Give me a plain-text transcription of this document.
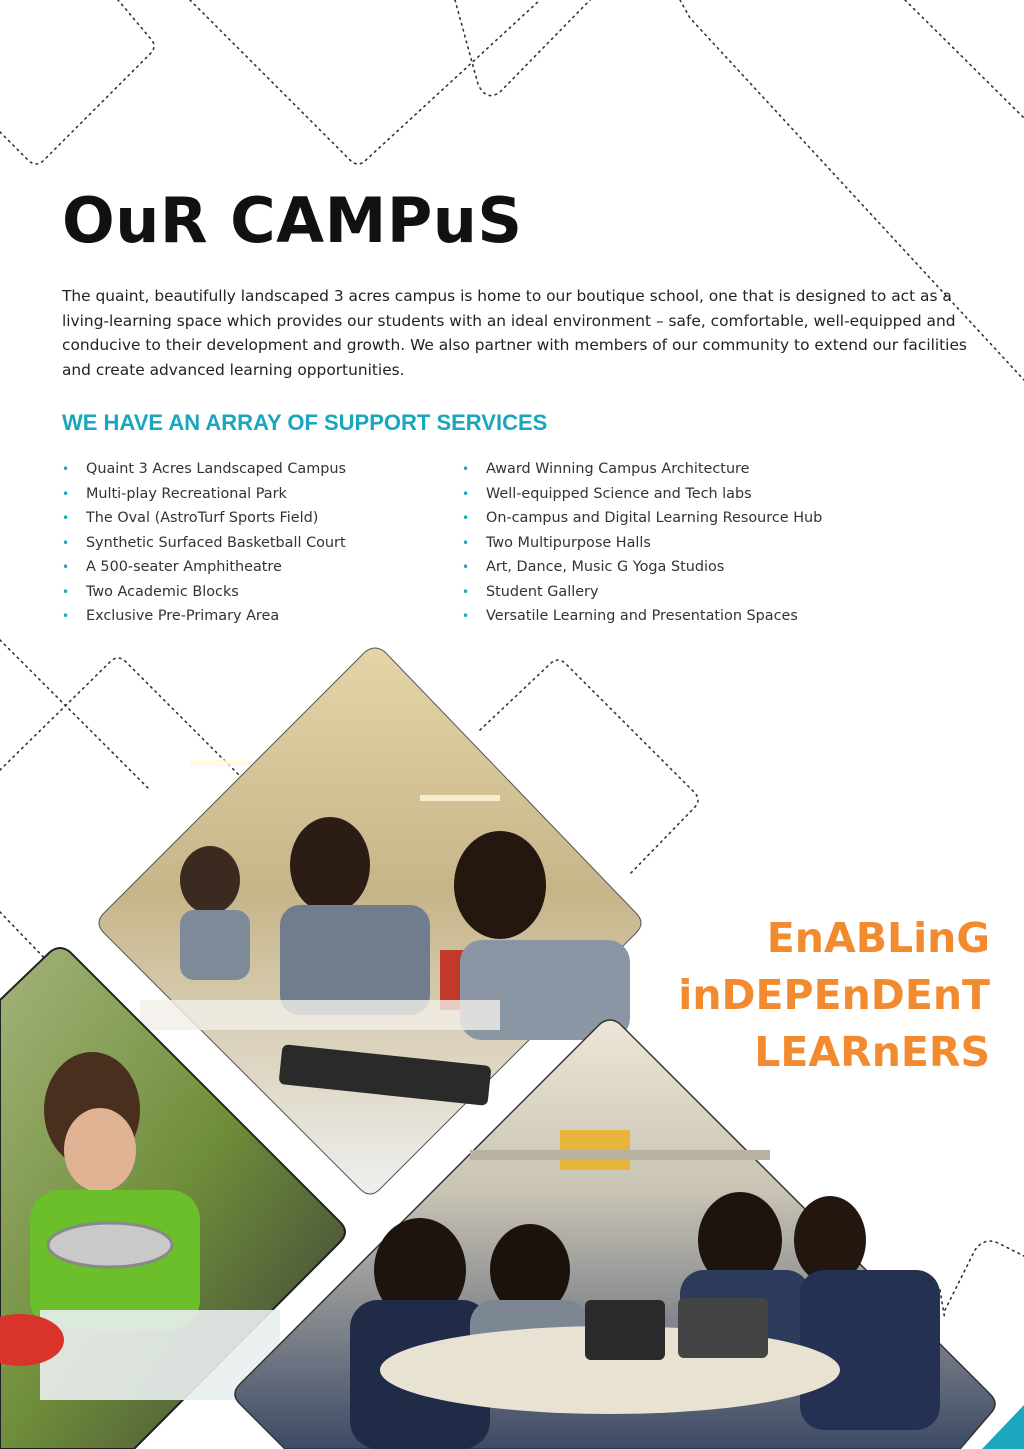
OuR CAMPuS

The quaint, beautifully landscaped 3 acres campus is home to our boutique school, one that is designed to act as a living-learning space which provides our students with an ideal environment – safe, comfortable, well-equipped and conducive to their development and growth. We also partner with members of our community to extend our facilities and create advanced learning opportunities.

WE HAVE AN ARRAY OF SUPPORT SERVICES
• Quaint 3 Acres Landscaped Campus
• Multi-play Recreational Park
• The Oval (AstroTurf Sports Field)
• Synthetic Surfaced Basketball Court
• A 500-seater Amphitheatre
• Two Academic Blocks
• Exclusive Pre-Primary Area
• Award Winning Campus Architecture
• Well-equipped Science and Tech labs
• On-campus and Digital Learning Resource Hub
• Two Multipurpose Halls
• Art, Dance, Music G Yoga Studios
• Student Gallery
• Versatile Learning and Presentation Spaces
EnABLinG
inDEPEnDEnT
LEARnERS
